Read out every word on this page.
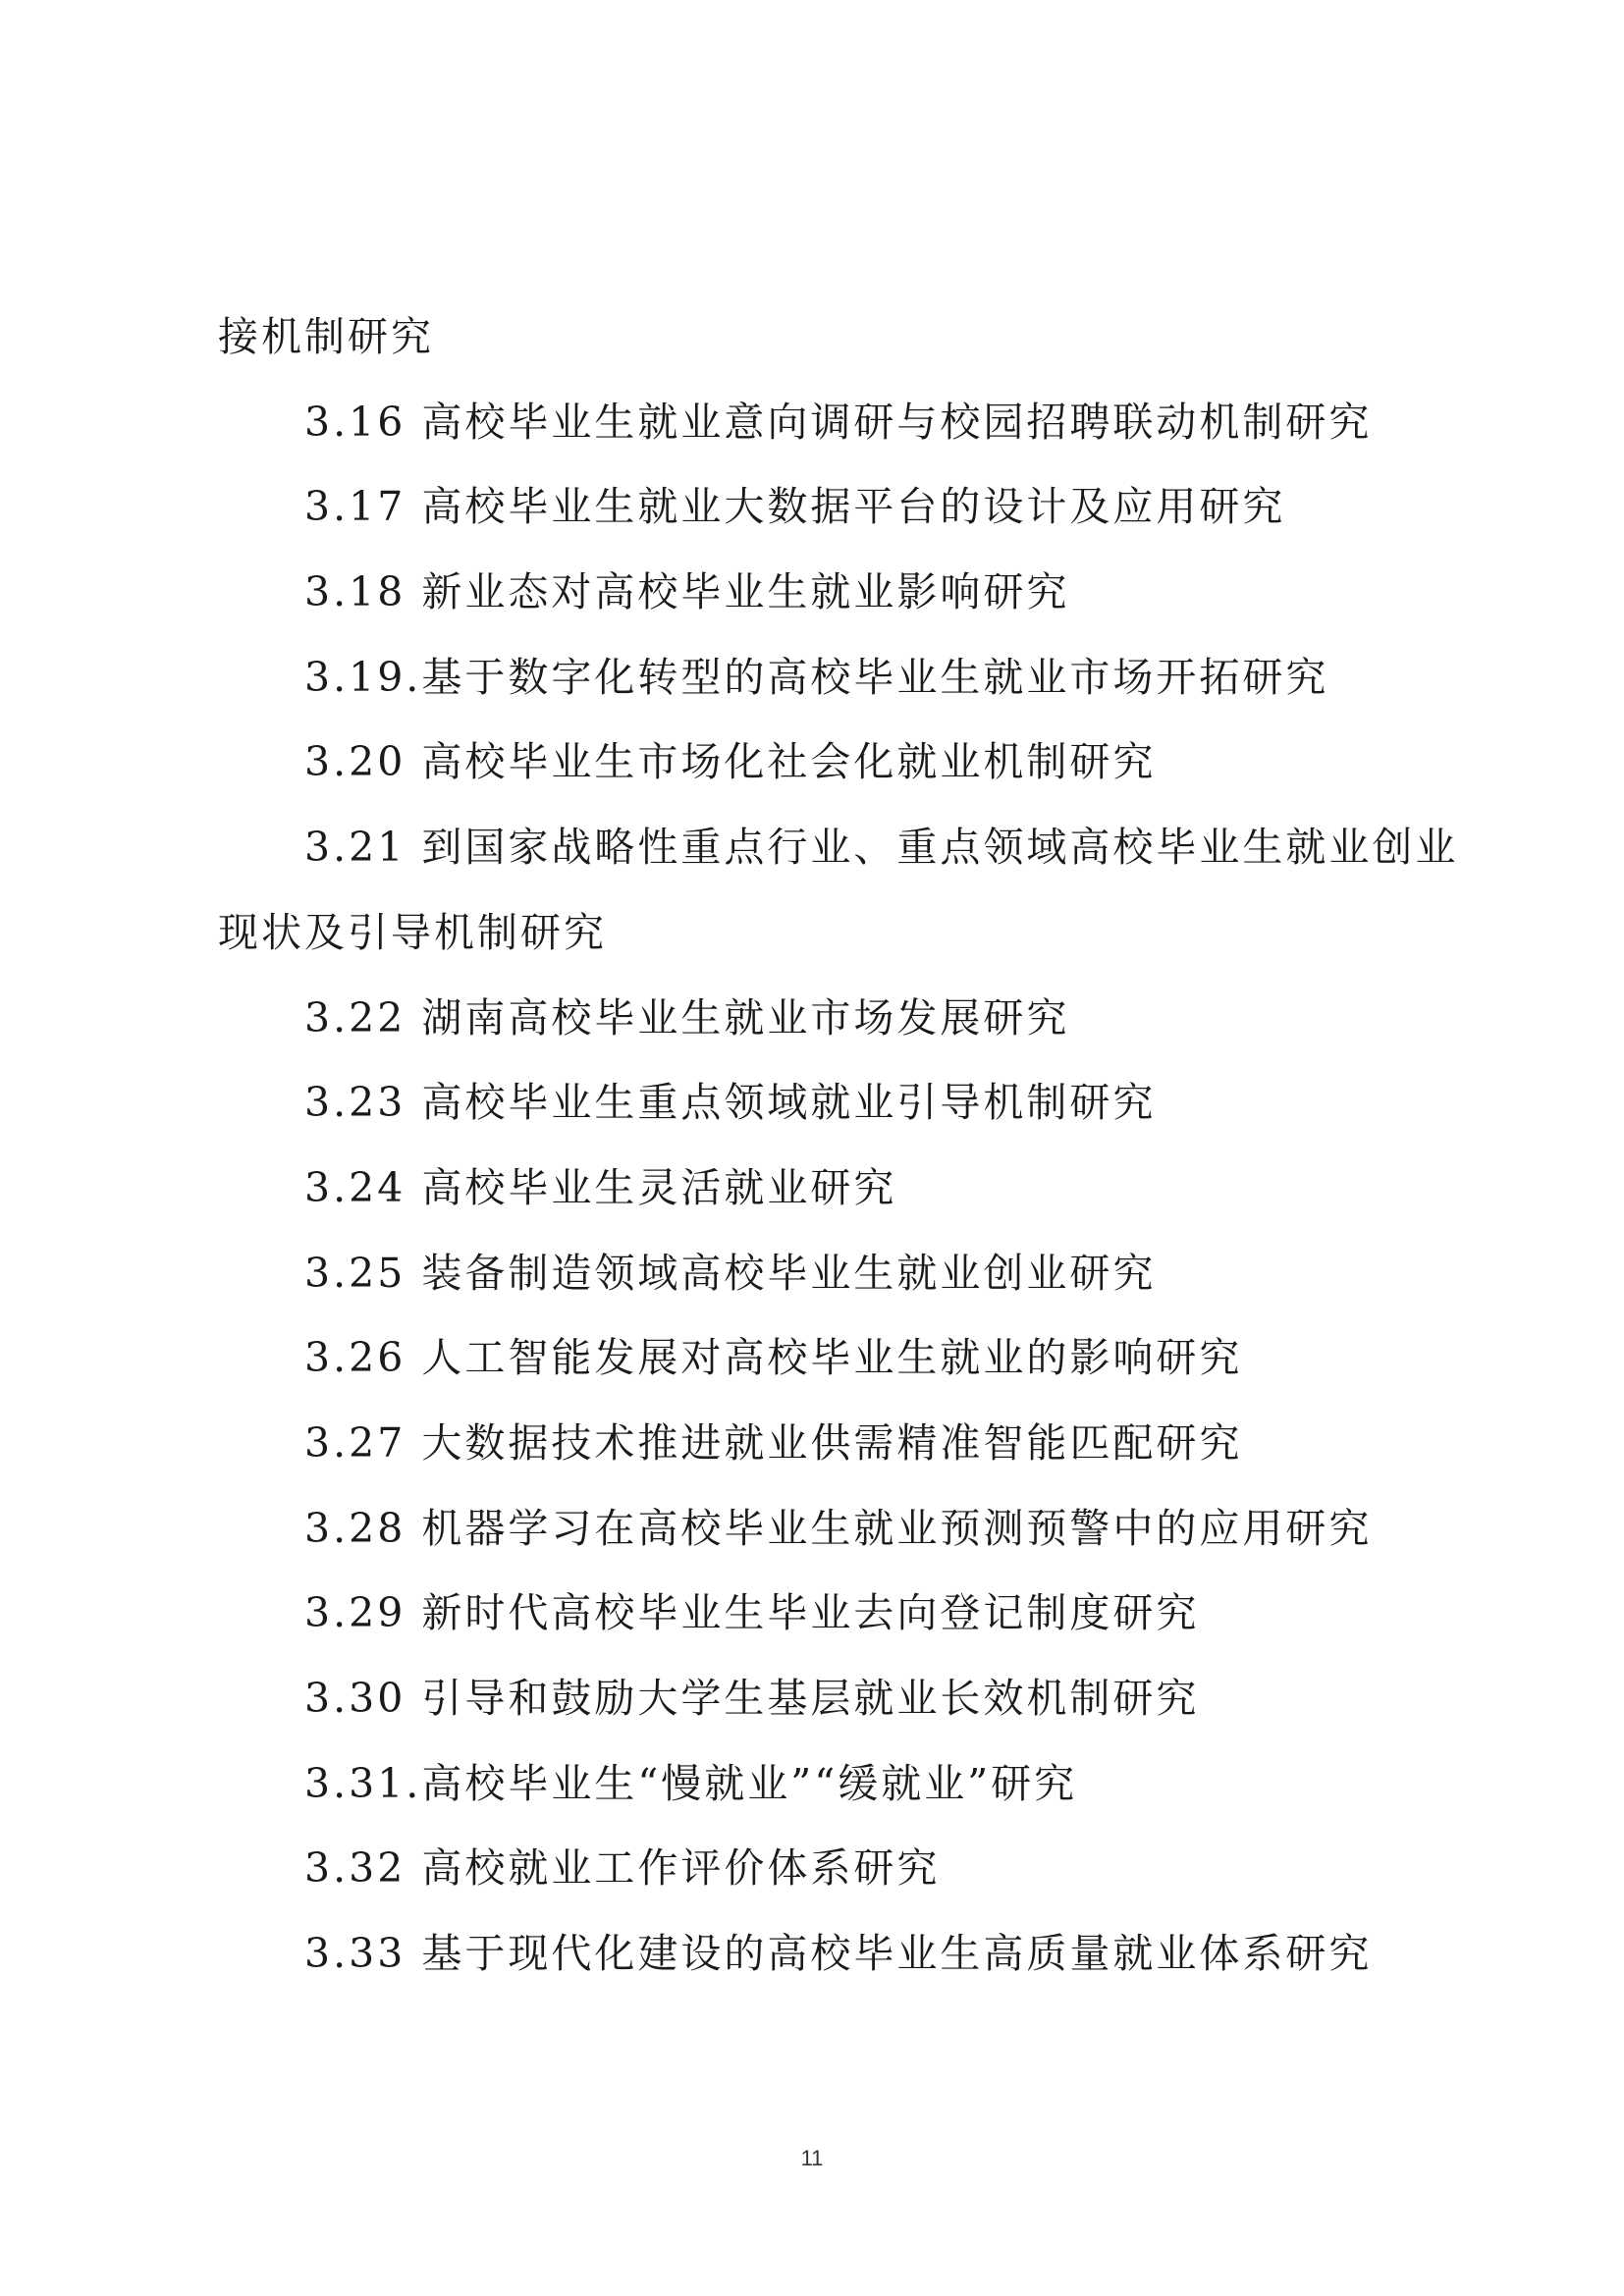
接机制研究
3.16 高校毕业生就业意向调研与校园招聘联动机制研究
3.17 高校毕业生就业大数据平台的设计及应用研究
3.18 新业态对高校毕业生就业影响研究
3.19.基于数字化转型的高校毕业生就业市场开拓研究
3.20 高校毕业生市场化社会化就业机制研究
3.21 到国家战略性重点行业、重点领域高校毕业生就业创业
现状及引导机制研究
3.22 湖南高校毕业生就业市场发展研究
3.23 高校毕业生重点领域就业引导机制研究
3.24 高校毕业生灵活就业研究
3.25 装备制造领域高校毕业生就业创业研究
3.26 人工智能发展对高校毕业生就业的影响研究
3.27 大数据技术推进就业供需精准智能匹配研究
3.28 机器学习在高校毕业生就业预测预警中的应用研究
3.29 新时代高校毕业生毕业去向登记制度研究
3.30 引导和鼓励大学生基层就业长效机制研究
3.31.高校毕业生“慢就业”“缓就业”研究
3.32 高校就业工作评价体系研究
3.33 基于现代化建设的高校毕业生高质量就业体系研究
11
